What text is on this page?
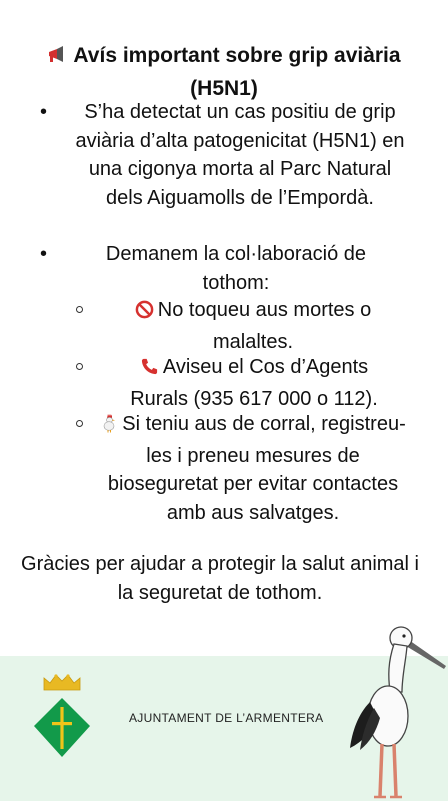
Avís important sobre grip aviària (H5N1)
•	S’ha detectat un cas positiu de grip aviària d’alta patogenicitat (H5N1) en una cigonya morta al Parc Natural dels Aiguamolls de l’Empordà.
•	Demanem la col·laboració de tothom:
No toqueu aus mortes o malaltes.
Aviseu el Cos d’Agents Rurals (935 617 000 o 112).
Si teniu aus de corral, registreu-les i preneu mesures de bioseguretat per evitar contactes amb aus salvatges.
Gràcies per ajudar a protegir la salut animal i la seguretat de tothom.
AJUNTAMENT DE L’ARMENTERA
